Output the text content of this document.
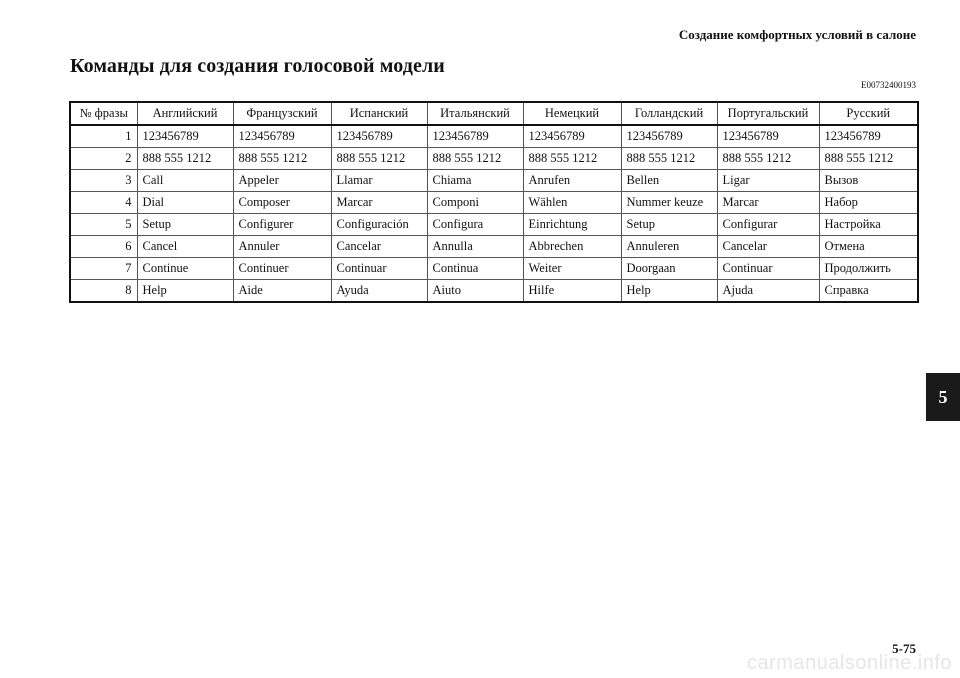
Создание комфортных условий в салоне
Команды для создания голосовой модели
E00732400193
№ фразы	Английский	Французский	Испанский	Итальянский	Немецкий	Голландский	Португальский	Русский
1	123456789	123456789	123456789	123456789	123456789	123456789	123456789	123456789
2	888 555 1212	888 555 1212	888 555 1212	888 555 1212	888 555 1212	888 555 1212	888 555 1212	888 555 1212
3	Call	Appeler	Llamar	Chiama	Anrufen	Bellen	Ligar	Вызов
4	Dial	Composer	Marcar	Componi	Wählen	Nummer keuze	Marcar	Набор
5	Setup	Configurer	Configuración	Configura	Einrichtung	Setup	Configurar	Настройка
6	Cancel	Annuler	Cancelar	Annulla	Abbrechen	Annuleren	Cancelar	Отмена
7	Continue	Continuer	Continuar	Continua	Weiter	Doorgaan	Continuar	Продолжить
8	Help	Aide	Ayuda	Aiuto	Hilfe	Help	Ajuda	Справка
5
5-75
carmanualsonline.info
